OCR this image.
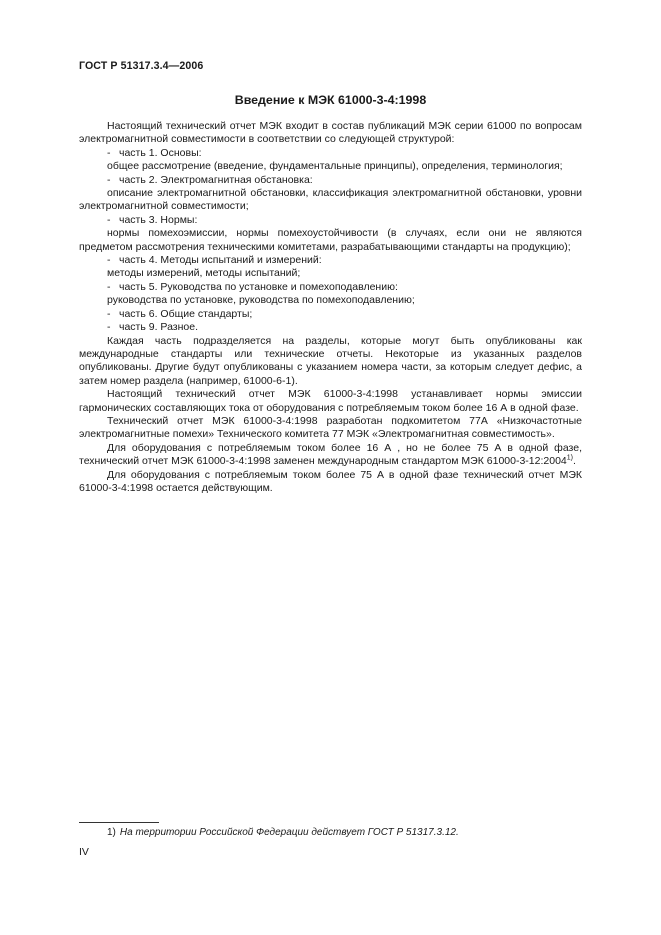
ГОСТ Р 51317.3.4—2006
Введение к МЭК 61000-3-4:1998

Настоящий технический отчет МЭК входит в состав публикаций МЭК серии 61000 по вопросам электромагнитной совместимости в соответствии со следующей структурой:

- часть 1. Основы:

общее рассмотрение (введение, фундаментальные принципы), определения, терминология;

- часть 2. Электромагнитная обстановка:

описание электромагнитной обстановки, классификация электромагнитной обстановки, уровни электромагнитной совместимости;

- часть 3. Нормы:

нормы помехоэмиссии, нормы помехоустойчивости (в случаях, если они не являются предметом рассмотрения техническими комитетами, разрабатывающими стандарты на продукцию);

- часть 4. Методы испытаний и измерений:

методы измерений, методы испытаний;

- часть 5. Руководства по установке и помехоподавлению:

руководства по установке, руководства по помехоподавлению;

- часть 6. Общие стандарты;

- часть 9. Разное.

Каждая часть подразделяется на разделы, которые могут быть опубликованы как международные стандарты или технические отчеты. Некоторые из указанных разделов опубликованы. Другие будут опубликованы с указанием номера части, за которым следует дефис, а затем номер раздела (например, 61000-6-1).

Настоящий технический отчет МЭК 61000-3-4:1998 устанавливает нормы эмиссии гармонических составляющих тока от оборудования с потребляемым током более 16 А в одной фазе.

Технический отчет МЭК 61000-3-4:1998 разработан подкомитетом 77А «Низкочастотные электромагнитные помехи» Технического комитета 77 МЭК «Электромагнитная совместимость».

Для оборудования с потребляемым током более 16 А , но не более 75 А в одной фазе, технический отчет МЭК 61000-3-4:1998 заменен международным стандартом МЭК 61000-3-12:2004$^{1)}$.

Для оборудования с потребляемым током более 75 А в одной фазе технический отчет МЭК 61000-3-4:1998 остается действующим.

1) На территории Российской Федерации действует ГОСТ Р 51317.3.12.
IV
